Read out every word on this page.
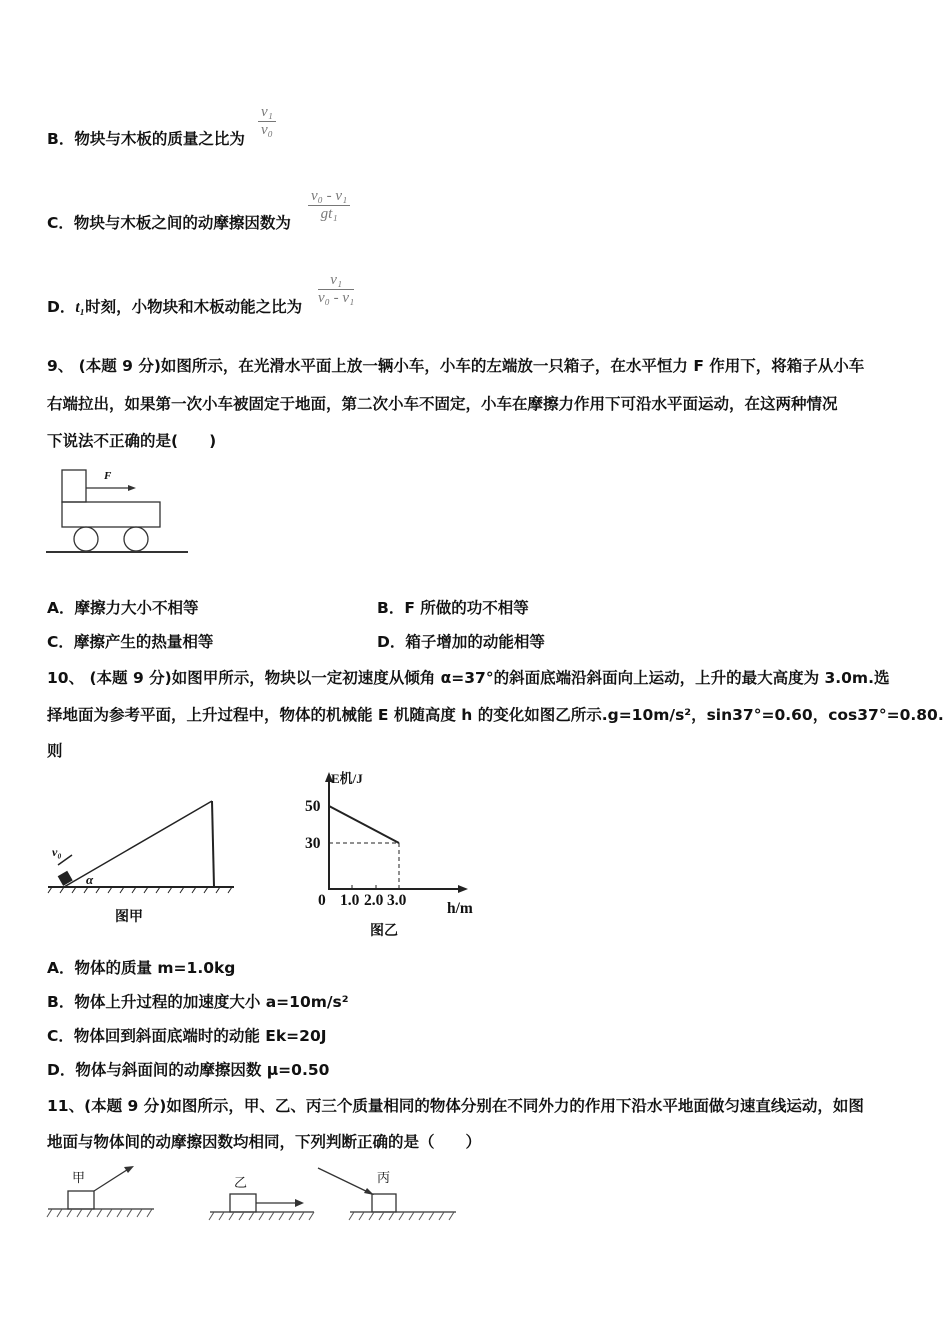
B．物块与木板的质量之比为 $\frac{\text{v₁}}{\text{v₀}}$
C．物块与木板之间的动摩擦因数为 $\frac{\text{v₀ - v₁}}{\text{gt₁}}$
D．t₁时刻，小物块和木板动能之比为 $\frac{\text{v₁}}{\text{v₀ - v₁}}$
9、 (本题 9 分)如图所示，在光滑水平面上放一辆小车，小车的左端放一只箱子，在水平恒力 F 作用下，将箱子从小车
右端拉出，如果第一次小车被固定于地面，第二次小车不固定，小车在摩擦力作用下可沿水平面运动，在这两种情况
下说法不正确的是(　　)
F
A．摩擦力大小不相等	B．F 所做的功不相等
C．摩擦产生的热量相等	D．箱子增加的动能相等
10、 (本题 9 分)如图甲所示，物块以一定初速度从倾角 α=37°的斜面底端沿斜面向上运动，上升的最大高度为 3.0m.选
择地面为参考平面，上升过程中，物体的机械能 E 机随高度 h 的变化如图乙所示.g=10m/s²，sin37°=0.60，cos37°=0.80.
则
v₀
α
图甲
E机/J
50
30
0 1.0 2.0 3.0	h/m
图乙
A．物体的质量 m=1.0kg
B．物体上升过程的加速度大小 a=10m/s²
C．物体回到斜面底端时的动能 Ek=20J
D．物体与斜面间的动摩擦因数 μ=0.50
11、(本题 9 分)如图所示，甲、乙、丙三个质量相同的物体分别在不同外力的作用下沿水平地面做匀速直线运动，如图
地面与物体间的动摩擦因数均相同，下列判断正确的是（　　）
甲	乙	丙
